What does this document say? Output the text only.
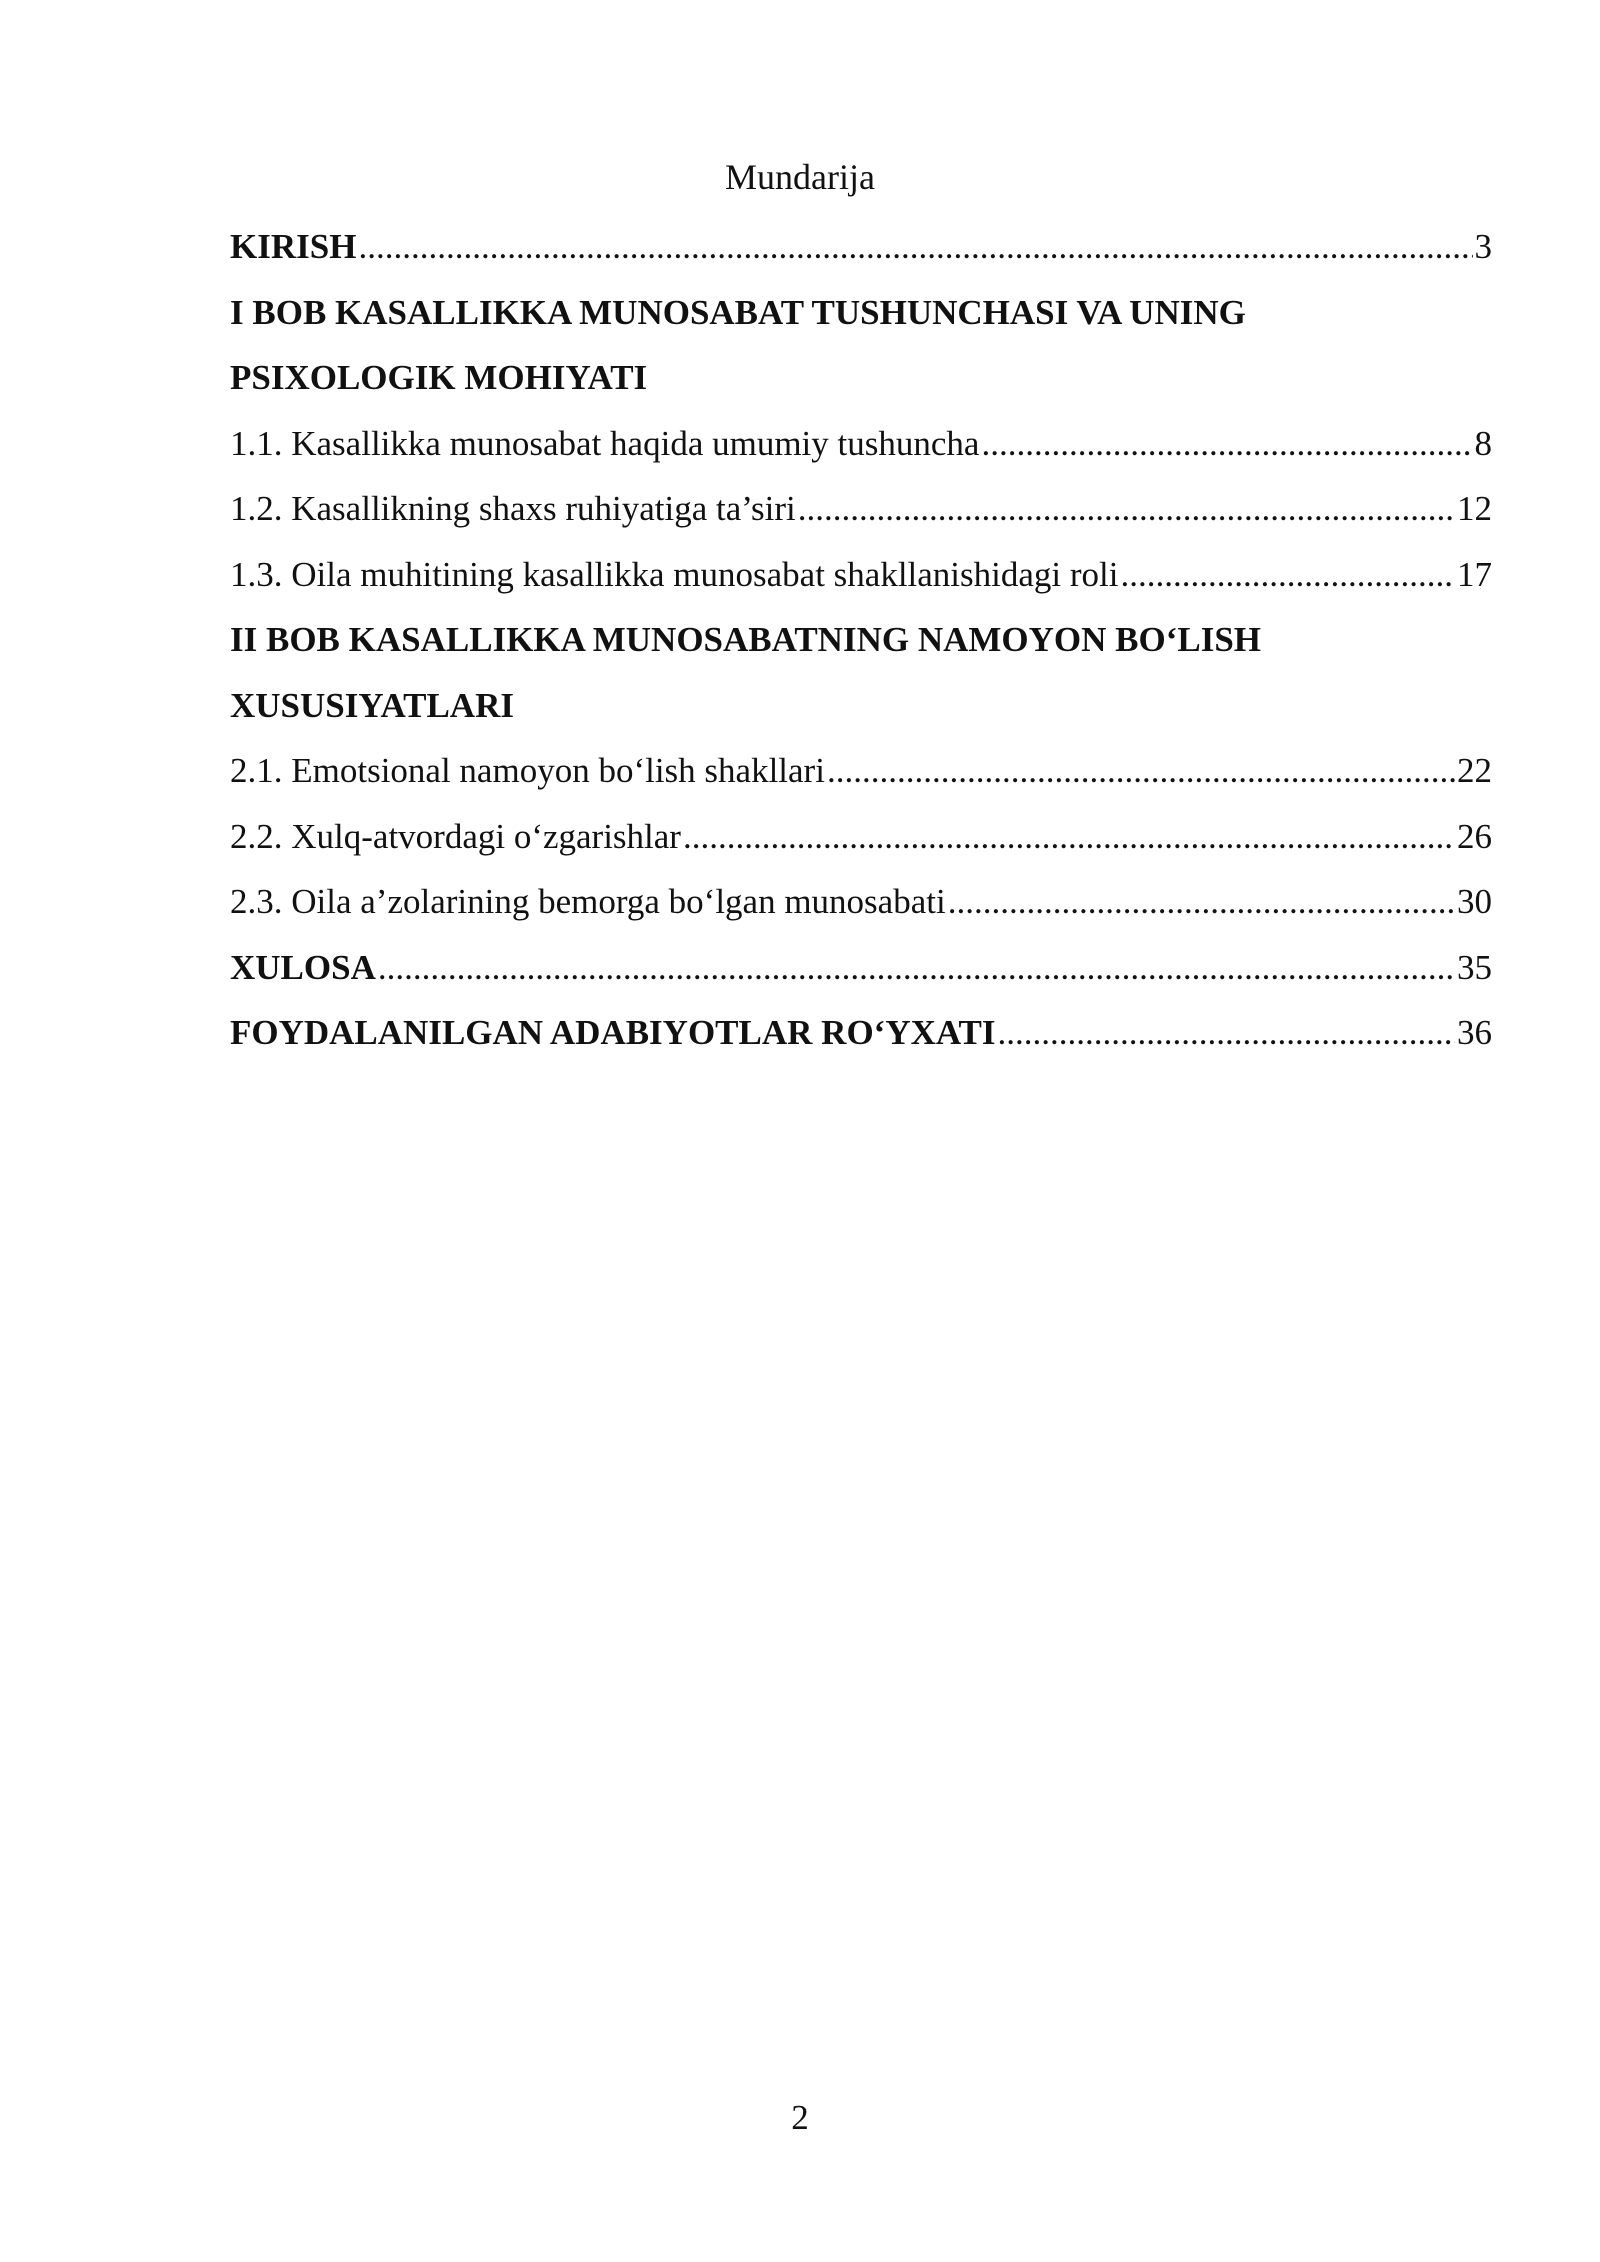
Mundarija
KIRISH .....	3
I BOB KASALLIKKA MUNOSABAT TUSHUNCHASI VA UNING
PSIXOLOGIK MOHIYATI
1.1. Kasallikka munosabat haqida umumiy tushuncha .....	8
1.2. Kasallikning shaxs ruhiyatiga ta’siri .....	12
1.3. Oila muhitining kasallikka munosabat shakllanishidagi roli .....	17
II BOB KASALLIKKA MUNOSABATNING NAMOYON BO‘LISH
XUSUSIYATLARI
2.1. Emotsional namoyon bo‘lish shakllari .....	22
2.2. Xulq-atvordagi o‘zgarishlar .....	26
2.3. Oila a’zolarining bemorga bo‘lgan munosabati .....	30
XULOSA .....	35
FOYDALANILGAN ADABIYOTLAR RO‘YXATI .....	36
2
